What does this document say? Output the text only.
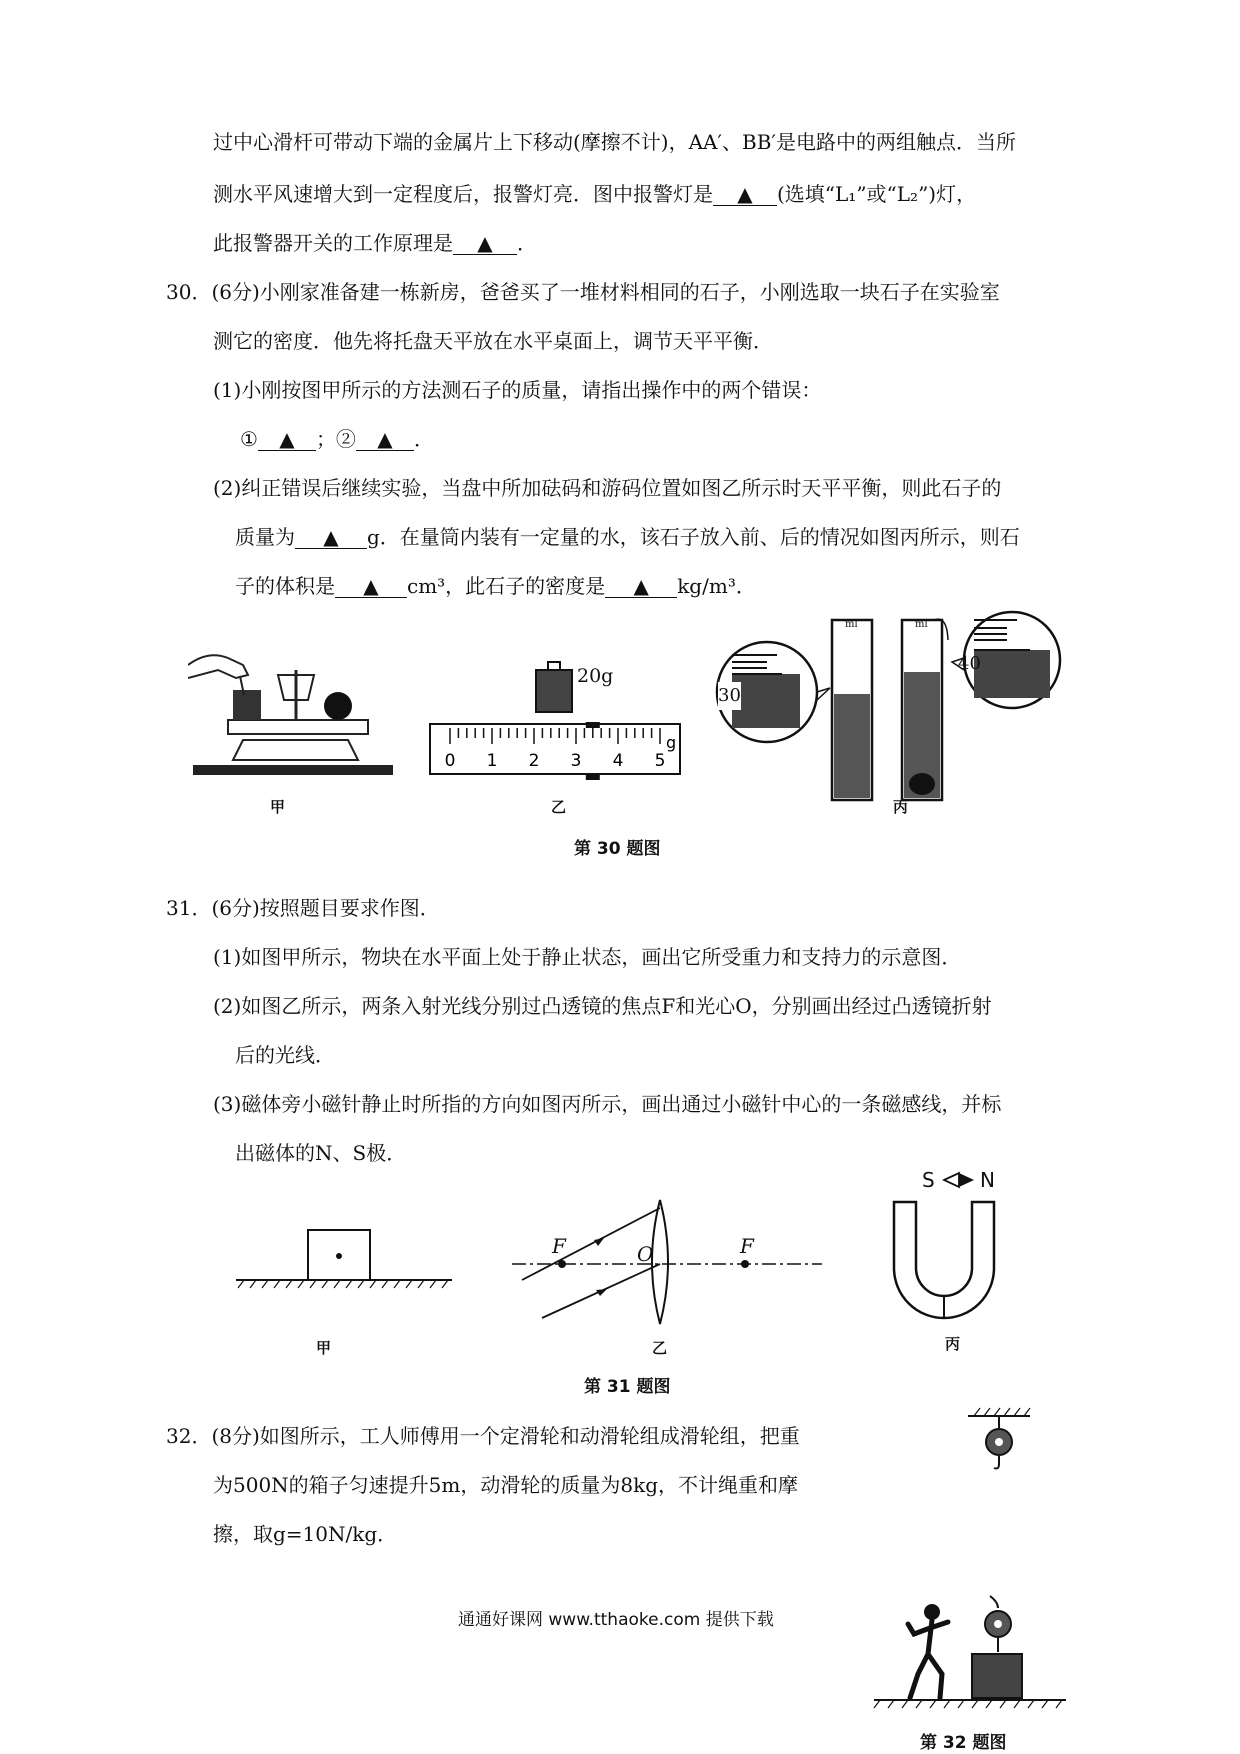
过中心滑杆可带动下端的金属片上下移动(摩擦不计)，AA′、BB′是电路中的两组触点．当所
测水平风速增大到一定程度后，报警灯亮．图中报警灯是 ▲ (选填“L₁”或“L₂”)灯，
此报警器开关的工作原理是 ▲ ．
30．(6分)小刚家准备建一栋新房，爸爸买了一堆材料相同的石子，小刚选取一块石子在实验室
测它的密度．他先将托盘天平放在水平桌面上，调节天平平衡．
(1)小刚按图甲所示的方法测石子的质量，请指出操作中的两个错误：
① ▲ ；② ▲ ．
(2)纠正错误后继续实验，当盘中所加砝码和游码位置如图乙所示时天平平衡，则此石子的
质量为 ▲ g．在量筒内装有一定量的水，该石子放入前、后的情况如图丙所示，则石
子的体积是 ▲ cm³，此石子的密度是 ▲ kg/m³．
甲
20g
0 1 2 3 4 5
g
乙
ml	ml
30
40
丙
第 30 题图
31．(6分)按照题目要求作图．
(1)如图甲所示，物块在水平面上处于静止状态，画出它所受重力和支持力的示意图．
(2)如图乙所示，两条入射光线分别过凸透镜的焦点F和光心O，分别画出经过凸透镜折射
后的光线．
(3)磁体旁小磁针静止时所指的方向如图丙所示，画出通过小磁针中心的一条磁感线，并标
出磁体的N、S极．
甲
F	O	F
乙
S N
丙
第 31 题图
32．(8分)如图所示，工人师傅用一个定滑轮和动滑轮组成滑轮组，把重
为500N的箱子匀速提升5m，动滑轮的质量为8kg，不计绳重和摩
擦，取g=10N/kg．
第 32 题图
通通好课网 www.tthaoke.com 提供下载
